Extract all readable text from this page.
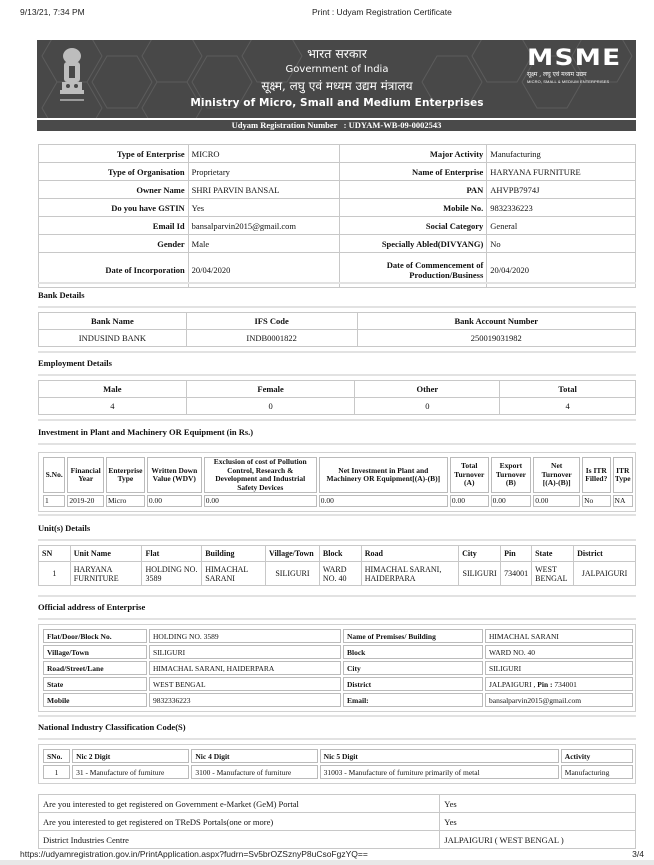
9/13/21, 7:34 PM	Print : Udyam Registration Certificate
भारत सरकार
Government of India
सूक्ष्म, लघु एवं मध्यम उद्यम मंत्रालय
Ministry of Micro, Small and Medium Enterprises
MSME
सूक्ष्म , लघु एवं मध्यम उद्यम
MICRO, SMALL & MEDIUM ENTERPRISES
Udyam Registration Number : UDYAM-WB-09-0002543
Type of Enterprise	MICRO	Major Activity	Manufacturing
Type of Organisation	Proprietary	Name of Enterprise	HARYANA FURNITURE
Owner Name	SHRI PARVIN BANSAL	PAN	AHVPB7974J
Do you have GSTIN	Yes	Mobile No.	9832336223
Email Id	bansalparvin2015@gmail.com	Social Category	General
Gender	Male	Specially Abled(DIVYANG)	No
Date of Incorporation	20/04/2020	Date of Commencement of Production/Business	20/04/2020
Bank Details
Bank Name	IFS Code	Bank Account Number
INDUSIND BANK	INDB0001822	250019031982
Employment Details
Male	Female	Other	Total
4	0	0	4
Investment in Plant and Machinery OR Equipment (in Rs.)
S.No.	Financial Year	Enterprise Type	Written Down Value (WDV)	Exclusion of cost of Pollution Control, Research & Development and Industrial Safety Devices	Net Investment in Plant and Machinery OR Equipment[(A)-(B)]	Total Turnover (A)	Export Turnover (B)	Net Turnover [(A)-(B)]	Is ITR Filled?	ITR Type
1	2019-20	Micro	0.00	0.00	0.00	0.00	0.00	0.00	No	NA
Unit(s) Details
SN	Unit Name	Flat	Building	Village/Town	Block	Road	City	Pin	State	District
1	HARYANA FURNITURE	HOLDING NO. 3589	HIMACHAL SARANI	SILIGURI	WARD NO. 40	HIMACHAL SARANI, HAIDERPARA	SILIGURI	734001	WEST BENGAL	JALPAIGURI
Official address of Enterprise
Flat/Door/Block No.	HOLDING NO. 3589	Name of Premises/ Building	HIMACHAL SARANI
Village/Town	SILIGURI	Block	WARD NO. 40
Road/Street/Lane	HIMACHAL SARANI, HAIDERPARA	City	SILIGURI
State	WEST BENGAL	District	JALPAIGURI , Pin : 734001
Mobile	9832336223	Email:	bansalparvin2015@gmail.com
National Industry Classification Code(S)
SNo.	Nic 2 Digit	Nic 4 Digit	Nic 5 Digit	Activity
1	31 - Manufacture of furniture	3100 - Manufacture of furniture	31003 - Manufacture of furniture primarily of metal	Manufacturing
Are you interested to get registered on Government e-Market (GeM) Portal	Yes
Are you interested to get registered on TReDS Portals(one or more)	Yes
District Industries Centre	JALPAIGURI ( WEST BENGAL )
https://udyamregistration.gov.in/PrintApplication.aspx?fudrn=Sv5brOZSznyP8uCsoFgzYQ==	3/4
